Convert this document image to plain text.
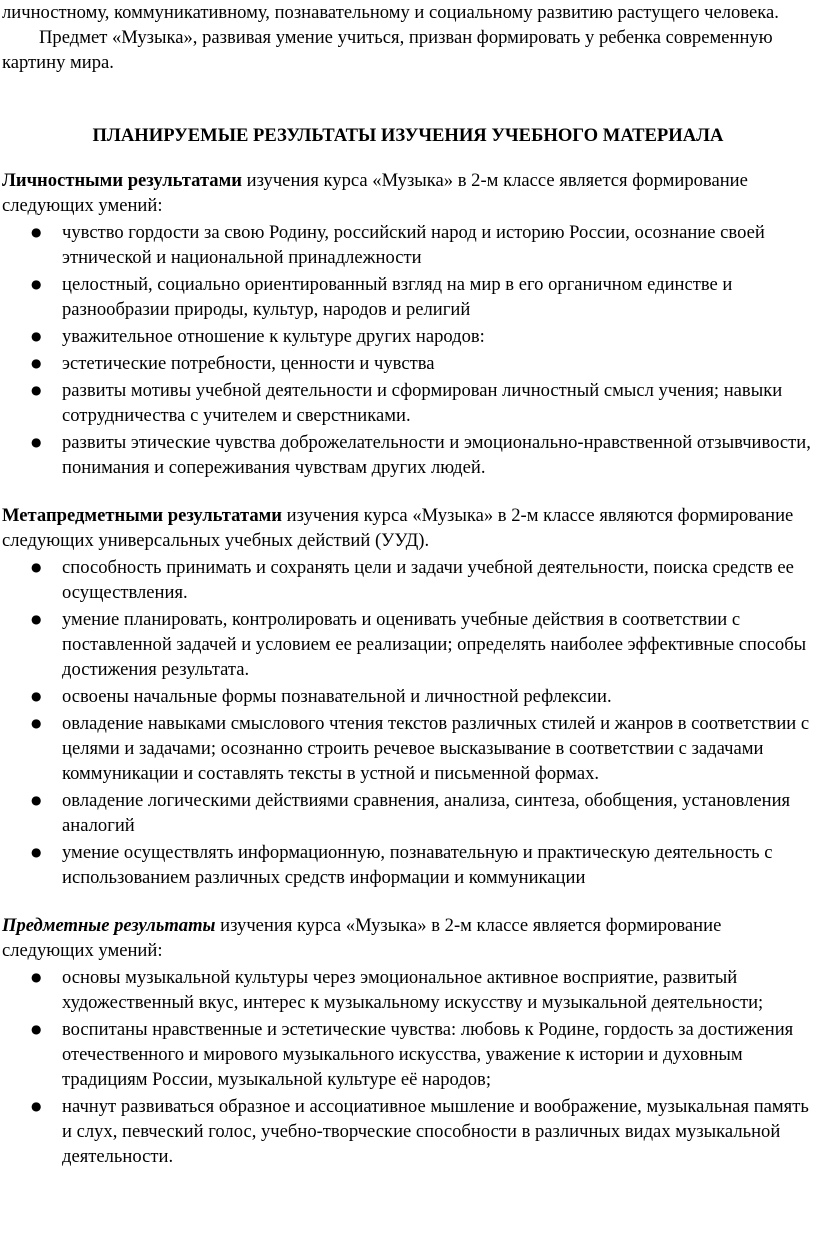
личностному, коммуникативному, познавательному и социальному развитию растущего человека.

Предмет «Музыка», развивая умение учиться, призван формировать у ребенка современную картину мира.

ПЛАНИРУЕМЫЕ РЕЗУЛЬТАТЫ ИЗУЧЕНИЯ УЧЕБНОГО МАТЕРИАЛА

Личностными результатами изучения курса «Музыка» в 2-м классе является формирование следующих умений:

● чувство гордости за свою Родину, российский народ и историю России, осознание своей этнической и национальной принадлежности
● целостный, социально ориентированный взгляд на мир в его органичном единстве и разнообразии природы, культур, народов и религий
● уважительное отношение к культуре других народов:
● эстетические потребности, ценности и чувства
● развиты мотивы учебной деятельности и сформирован личностный смысл учения; навыки сотрудничества с учителем и сверстниками.
● развиты этические чувства доброжелательности и эмоционально-нравственной отзывчивости, понимания и сопереживания чувствам других людей.

Метапредметными результатами изучения курса «Музыка» в 2-м классе являются формирование следующих универсальных учебных действий (УУД).

● способность принимать и сохранять цели и задачи учебной деятельности, поиска средств ее осуществления.
● умение планировать, контролировать и оценивать учебные действия в соответствии с поставленной задачей и условием ее реализации; определять наиболее эффективные способы достижения результата.
● освоены начальные формы познавательной и личностной рефлексии.
● овладение навыками смыслового чтения текстов различных стилей и жанров в соответствии с целями и задачами; осознанно строить речевое высказывание в соответствии с задачами коммуникации и составлять тексты в устной и письменной формах.
● овладение логическими действиями сравнения, анализа, синтеза, обобщения, установления аналогий
● умение осуществлять информационную, познавательную и практическую деятельность с использованием различных средств информации и коммуникации

Предметные результаты изучения курса «Музыка» в 2-м классе является формирование следующих умений:

● основы музыкальной культуры через эмоциональное активное восприятие, развитый художественный вкус, интерес к музыкальному искусству и музыкальной деятельности;
● воспитаны нравственные и эстетические чувства: любовь к Родине, гордость за достижения отечественного и мирового музыкального искусства, уважение к истории и духовным традициям России, музыкальной культуре её народов;
● начнут развиваться образное и ассоциативное мышление и воображение, музыкальная память и слух, певческий голос, учебно-творческие способности в различных видах музыкальной деятельности.
